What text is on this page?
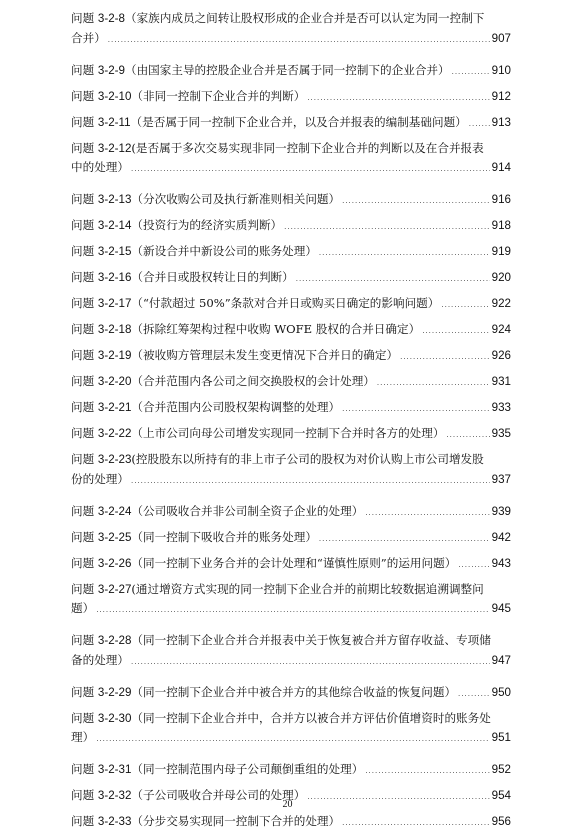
问题 3-2-8（家族内成员之间转让股权形成的企业合并是否可以认定为同一控制下
合并） .....	907
问题 3-2-9（由国家主导的控股企业合并是否属于同一控制下的企业合并） .....	910
问题 3-2-10（非同一控制下企业合并的判断） .....	912
问题 3-2-11（是否属于同一控制下企业合并，以及合并报表的编制基础问题） ..... 913
问题 3-2-12(是否属于多次交易实现非同一控制下企业合并的判断以及在合并报表
中的处理） .....	914
问题 3-2-13（分次收购公司及执行新准则相关问题） .....	916
问题 3-2-14（投资行为的经济实质判断） .....	918
问题 3-2-15（新设合并中新设公司的账务处理） .....	919
问题 3-2-16（合并日或股权转让日的判断） .....	920
问题 3-2-17（“付款超过 50%”条款对合并日或购买日确定的影响问题） .....	922
问题 3-2-18（拆除红筹架构过程中收购 WOFE 股权的合并日确定） .....	924
问题 3-2-19（被收购方管理层未发生变更情况下合并日的确定） .....	926
问题 3-2-20（合并范围内各公司之间交换股权的会计处理） .....	931
问题 3-2-21（合并范围内公司股权架构调整的处理） .....	933
问题 3-2-22（上市公司向母公司增发实现同一控制下合并时各方的处理） .....	935
问题 3-2-23(控股股东以所持有的非上市子公司的股权为对价认购上市公司增发股
份的处理） .....	937
问题 3-2-24（公司吸收合并非公司制全资子企业的处理） .....	939
问题 3-2-25（同一控制下吸收合并的账务处理） .....	942
问题 3-2-26（同一控制下业务合并的会计处理和“谨慎性原则”的运用问题） .....	943
问题 3-2-27(通过增资方式实现的同一控制下企业合并的前期比较数据追溯调整问
题） .....	945
问题 3-2-28（同一控制下企业合并合并报表中关于恢复被合并方留存收益、专项储
备的处理） .....	947
问题 3-2-29（同一控制下企业合并中被合并方的其他综合收益的恢复问题） .....	950
问题 3-2-30（同一控制下企业合并中，合并方以被合并方评估价值增资时的账务处
理） .....	951
问题 3-2-31（同一控制范围内母子公司颠倒重组的处理） .....	952
问题 3-2-32（子公司吸收合并母公司的处理） .....	954
问题 3-2-33（分步交易实现同一控制下合并的处理） .....	956
20
